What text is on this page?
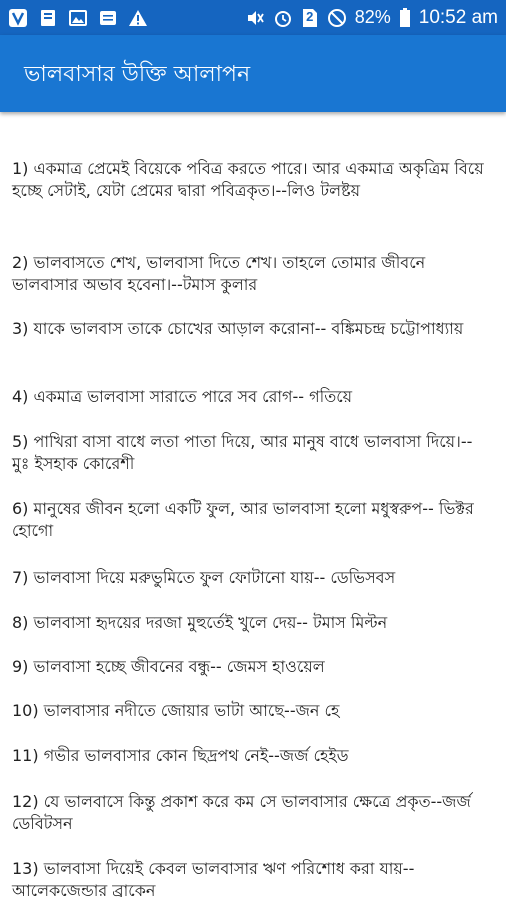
2 82% 10:52 am
ভালবাসার উক্তি আলাপন
1) একমাত্র প্রেমেই বিয়েকে পবিত্র করতে পারে। আর একমাত্র অকৃত্রিম বিয়ে হচ্ছে সেটাই, যেটা প্রেমের দ্বারা পবিত্রকৃত।--লিও টলষ্টয়
2) ভালবাসতে শেখ, ভালবাসা দিতে শেখ। তাহলে তোমার জীবনে ভালবাসার অভাব হবেনা।--টমাস কুলার
3) যাকে ভালবাস তাকে চোখের আড়াল করোনা-- বঙ্কিমচন্দ্র চট্টোপাধ্যায়
4) একমাত্র ভালবাসা সারাতে পারে সব রোগ-- গতিয়ে
5) পাখিরা বাসা বাধে লতা পাতা দিয়ে, আর মানুষ বাধে ভালবাসা দিয়ে।-- মুঃ ইসহাক কোরেশী
6) মানুষের জীবন হলো একটি ফুল, আর ভালবাসা হলো মধুস্বরুপ-- ভিক্টর হোগো
7) ভালবাসা দিয়ে মরুভুমিতে ফুল ফোটানো যায়-- ডেভিসবস
8) ভালবাসা হৃদয়ের দরজা মুহুর্তেই খুলে দেয়-- টমাস মিল্টন
9) ভালবাসা হচ্ছে জীবনের বন্ধু-- জেমস হাওয়েল
10) ভালবাসার নদীতে জোয়ার ভাটা আছে--জন হে
11) গভীর ভালবাসার কোন ছিদ্রপথ নেই--জর্জ হেইড
12) যে ভালবাসে কিন্তু প্রকাশ করে কম সে ভালবাসার ক্ষেত্রে প্রকৃত--জর্জ ডেবিটসন
13) ভালবাসা দিয়েই কেবল ভালবাসার ঋণ পরিশোধ করা যায়--আলেকজেন্ডার ব্রাকেন
